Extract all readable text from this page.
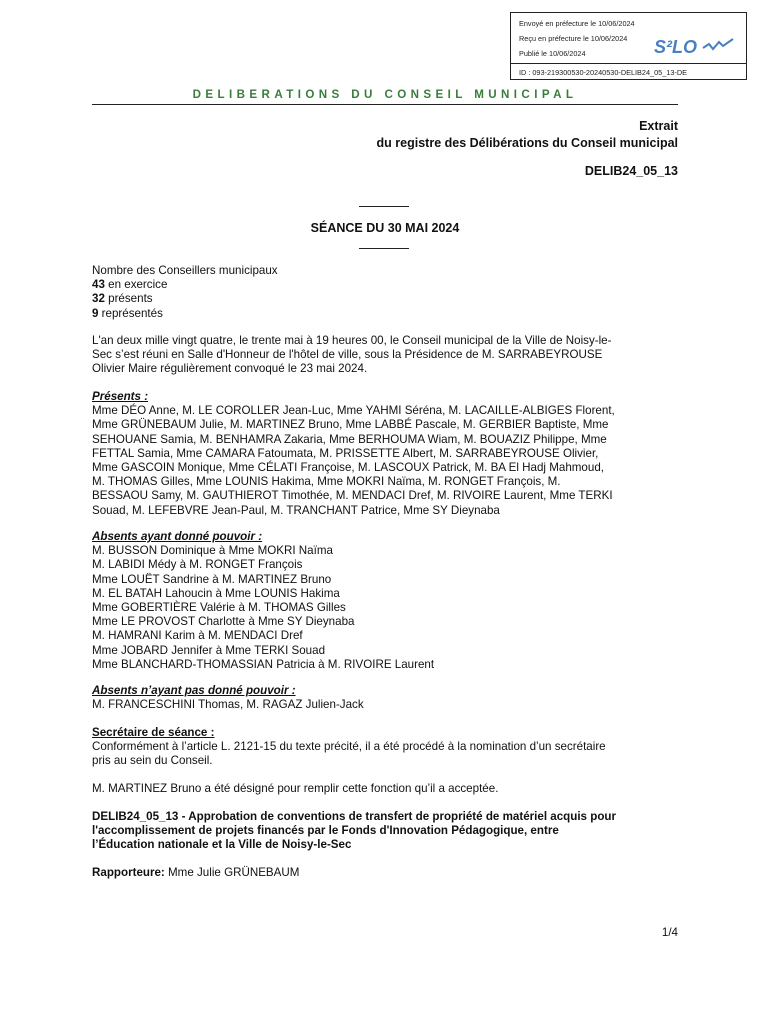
Envoyé en préfecture le 10/06/2024
Reçu en préfecture le 10/06/2024
Publié le 10/06/2024
ID : 093-219300530-20240530-DELIB24_05_13-DE
S²LO
DELIBERATIONS DU CONSEIL MUNICIPAL
Extrait
du registre des Délibérations du Conseil municipal
DELIB24_05_13
SÉANCE DU 30 MAI 2024
Nombre des Conseillers municipaux
43 en exercice
32 présents
9 représentés
L'an deux mille vingt quatre, le trente mai à 19 heures 00, le Conseil municipal de la Ville de Noisy-le-
Sec s’est réuni en Salle d'Honneur de l'hôtel de ville, sous la Présidence de M. SARRABEYROUSE
Olivier Maire régulièrement convoqué le 23 mai 2024.
Présents :
Mme DÉO Anne, M. LE COROLLER Jean-Luc, Mme YAHMI Séréna, M. LACAILLE-ALBIGES Florent,
Mme GRÜNEBAUM Julie, M. MARTINEZ Bruno, Mme LABBÉ Pascale, M. GERBIER Baptiste, Mme
SEHOUANE Samia, M. BENHAMRA Zakaria, Mme BERHOUMA Wiam, M. BOUAZIZ Philippe, Mme
FETTAL Samia, Mme CAMARA Fatoumata, M. PRISSETTE Albert, M. SARRABEYROUSE Olivier,
Mme GASCOIN Monique, Mme CÉLATI Françoise, M. LASCOUX Patrick, M. BA El Hadj Mahmoud,
M. THOMAS Gilles, Mme LOUNIS Hakima, Mme MOKRI Naïma, M. RONGET François, M.
BESSAOU Samy, M. GAUTHIEROT Timothée, M. MENDACI Dref, M. RIVOIRE Laurent, Mme TERKI
Souad, M. LEFEBVRE Jean-Paul, M. TRANCHANT Patrice, Mme SY Dieynaba
Absents ayant donné pouvoir :
M. BUSSON Dominique à Mme MOKRI Naïma
M. LABIDI Médy à M. RONGET François
Mme LOUËT Sandrine à M. MARTINEZ Bruno
M. EL BATAH Lahoucin à Mme LOUNIS Hakima
Mme GOBERTIÈRE Valérie à M. THOMAS Gilles
Mme LE PROVOST Charlotte à Mme SY Dieynaba
M. HAMRANI Karim à M. MENDACI Dref
Mme JOBARD Jennifer à Mme TERKI Souad
Mme BLANCHARD-THOMASSIAN Patricia à M. RIVOIRE Laurent
Absents n’ayant pas donné pouvoir :
M. FRANCESCHINI Thomas, M. RAGAZ Julien-Jack
Secrétaire de séance :
Conformément à l’article L. 2121-15 du texte précité, il a été procédé à la nomination d’un secrétaire
pris au sein du Conseil.
M. MARTINEZ Bruno a été désigné pour remplir cette fonction qu’il a acceptée.
DELIB24_05_13 - Approbation de conventions de transfert de propriété de matériel acquis pour
l'accomplissement de projets financés par le Fonds d'Innovation Pédagogique, entre
l’Éducation nationale et la Ville de Noisy-le-Sec
Rapporteure: Mme Julie GRÜNEBAUM
1/4
